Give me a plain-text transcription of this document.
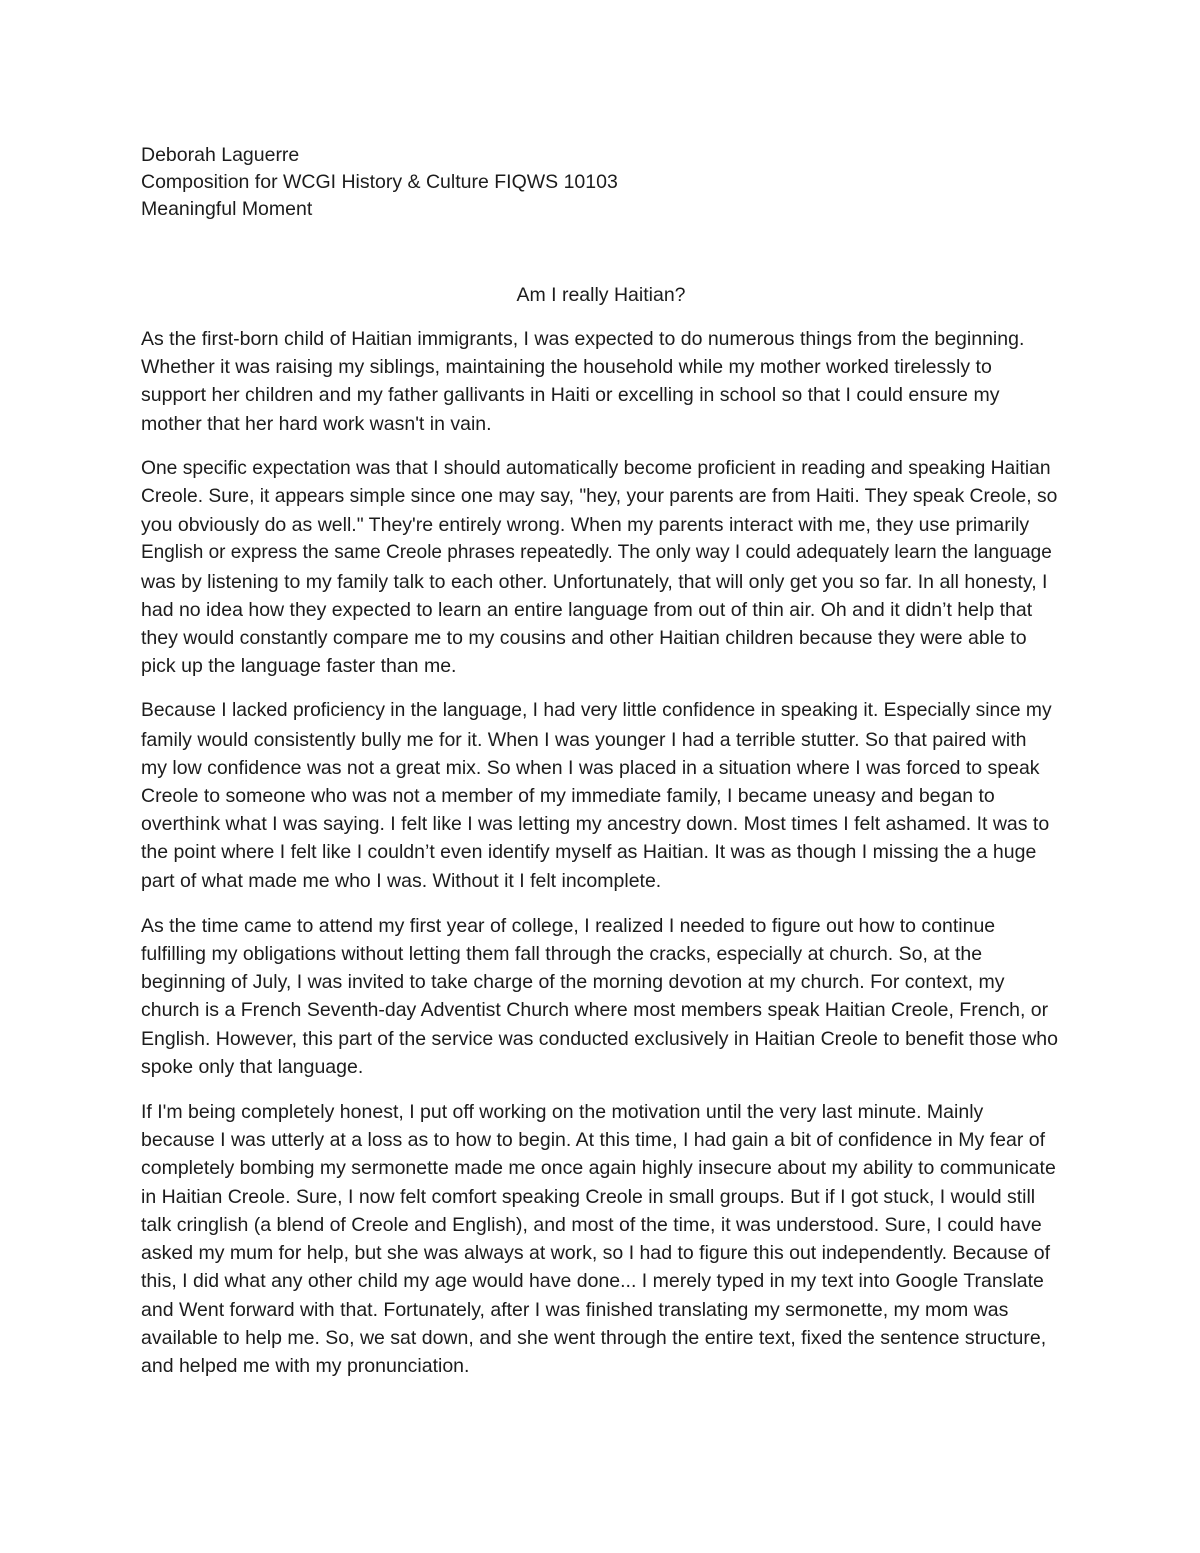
Deborah Laguerre
Composition for WCGI History & Culture FIQWS 10103
Meaningful Moment
Am I really Haitian?
As the first-born child of Haitian immigrants, I was expected to do numerous things from the beginning.
Whether it was raising my siblings, maintaining the household while my mother worked tirelessly to
support her children and my father gallivants in Haiti or excelling in school so that I could ensure my
mother that her hard work wasn't in vain.
One specific expectation was that I should automatically become proficient in reading and speaking Haitian
Creole. Sure, it appears simple since one may say, "hey, your parents are from Haiti. They speak Creole, so
you obviously do as well." They're entirely wrong. When my parents interact with me, they use primarily
English or express the same Creole phrases repeatedly. The only way I could adequately learn the language
was by listening to my family talk to each other. Unfortunately, that will only get you so far. In all honesty, I
had no idea how they expected to learn an entire language from out of thin air. Oh and it didn’t help that
they would constantly compare me to my cousins and other Haitian children because they were able to
pick up the language faster than me.
Because I lacked proficiency in the language, I had very little confidence in speaking it. Especially since my
family would consistently bully me for it. When I was younger I had a terrible stutter. So that paired with
my low confidence was not a great mix. So when I was placed in a situation where I was forced to speak
Creole to someone who was not a member of my immediate family, I became uneasy and began to
overthink what I was saying. I felt like I was letting my ancestry down. Most times I felt ashamed. It was to
the point where I felt like I couldn’t even identify myself as Haitian. It was as though I missing the a huge
part of what made me who I was. Without it I felt incomplete.
As the time came to attend my first year of college, I realized I needed to figure out how to continue
fulfilling my obligations without letting them fall through the cracks, especially at church. So, at the
beginning of July, I was invited to take charge of the morning devotion at my church. For context, my
church is a French Seventh-day Adventist Church where most members speak Haitian Creole, French, or
English. However, this part of the service was conducted exclusively in Haitian Creole to benefit those who
spoke only that language.
If I'm being completely honest, I put off working on the motivation until the very last minute. Mainly
because I was utterly at a loss as to how to begin. At this time, I had gain a bit of confidence in My fear of
completely bombing my sermonette made me once again highly insecure about my ability to communicate
in Haitian Creole. Sure, I now felt comfort speaking Creole in small groups. But if I got stuck, I would still
talk cringlish (a blend of Creole and English), and most of the time, it was understood. Sure, I could have
asked my mum for help, but she was always at work, so I had to figure this out independently. Because of
this, I did what any other child my age would have done... I merely typed in my text into Google Translate
and Went forward with that. Fortunately, after I was finished translating my sermonette, my mom was
available to help me. So, we sat down, and she went through the entire text, fixed the sentence structure,
and helped me with my pronunciation.
